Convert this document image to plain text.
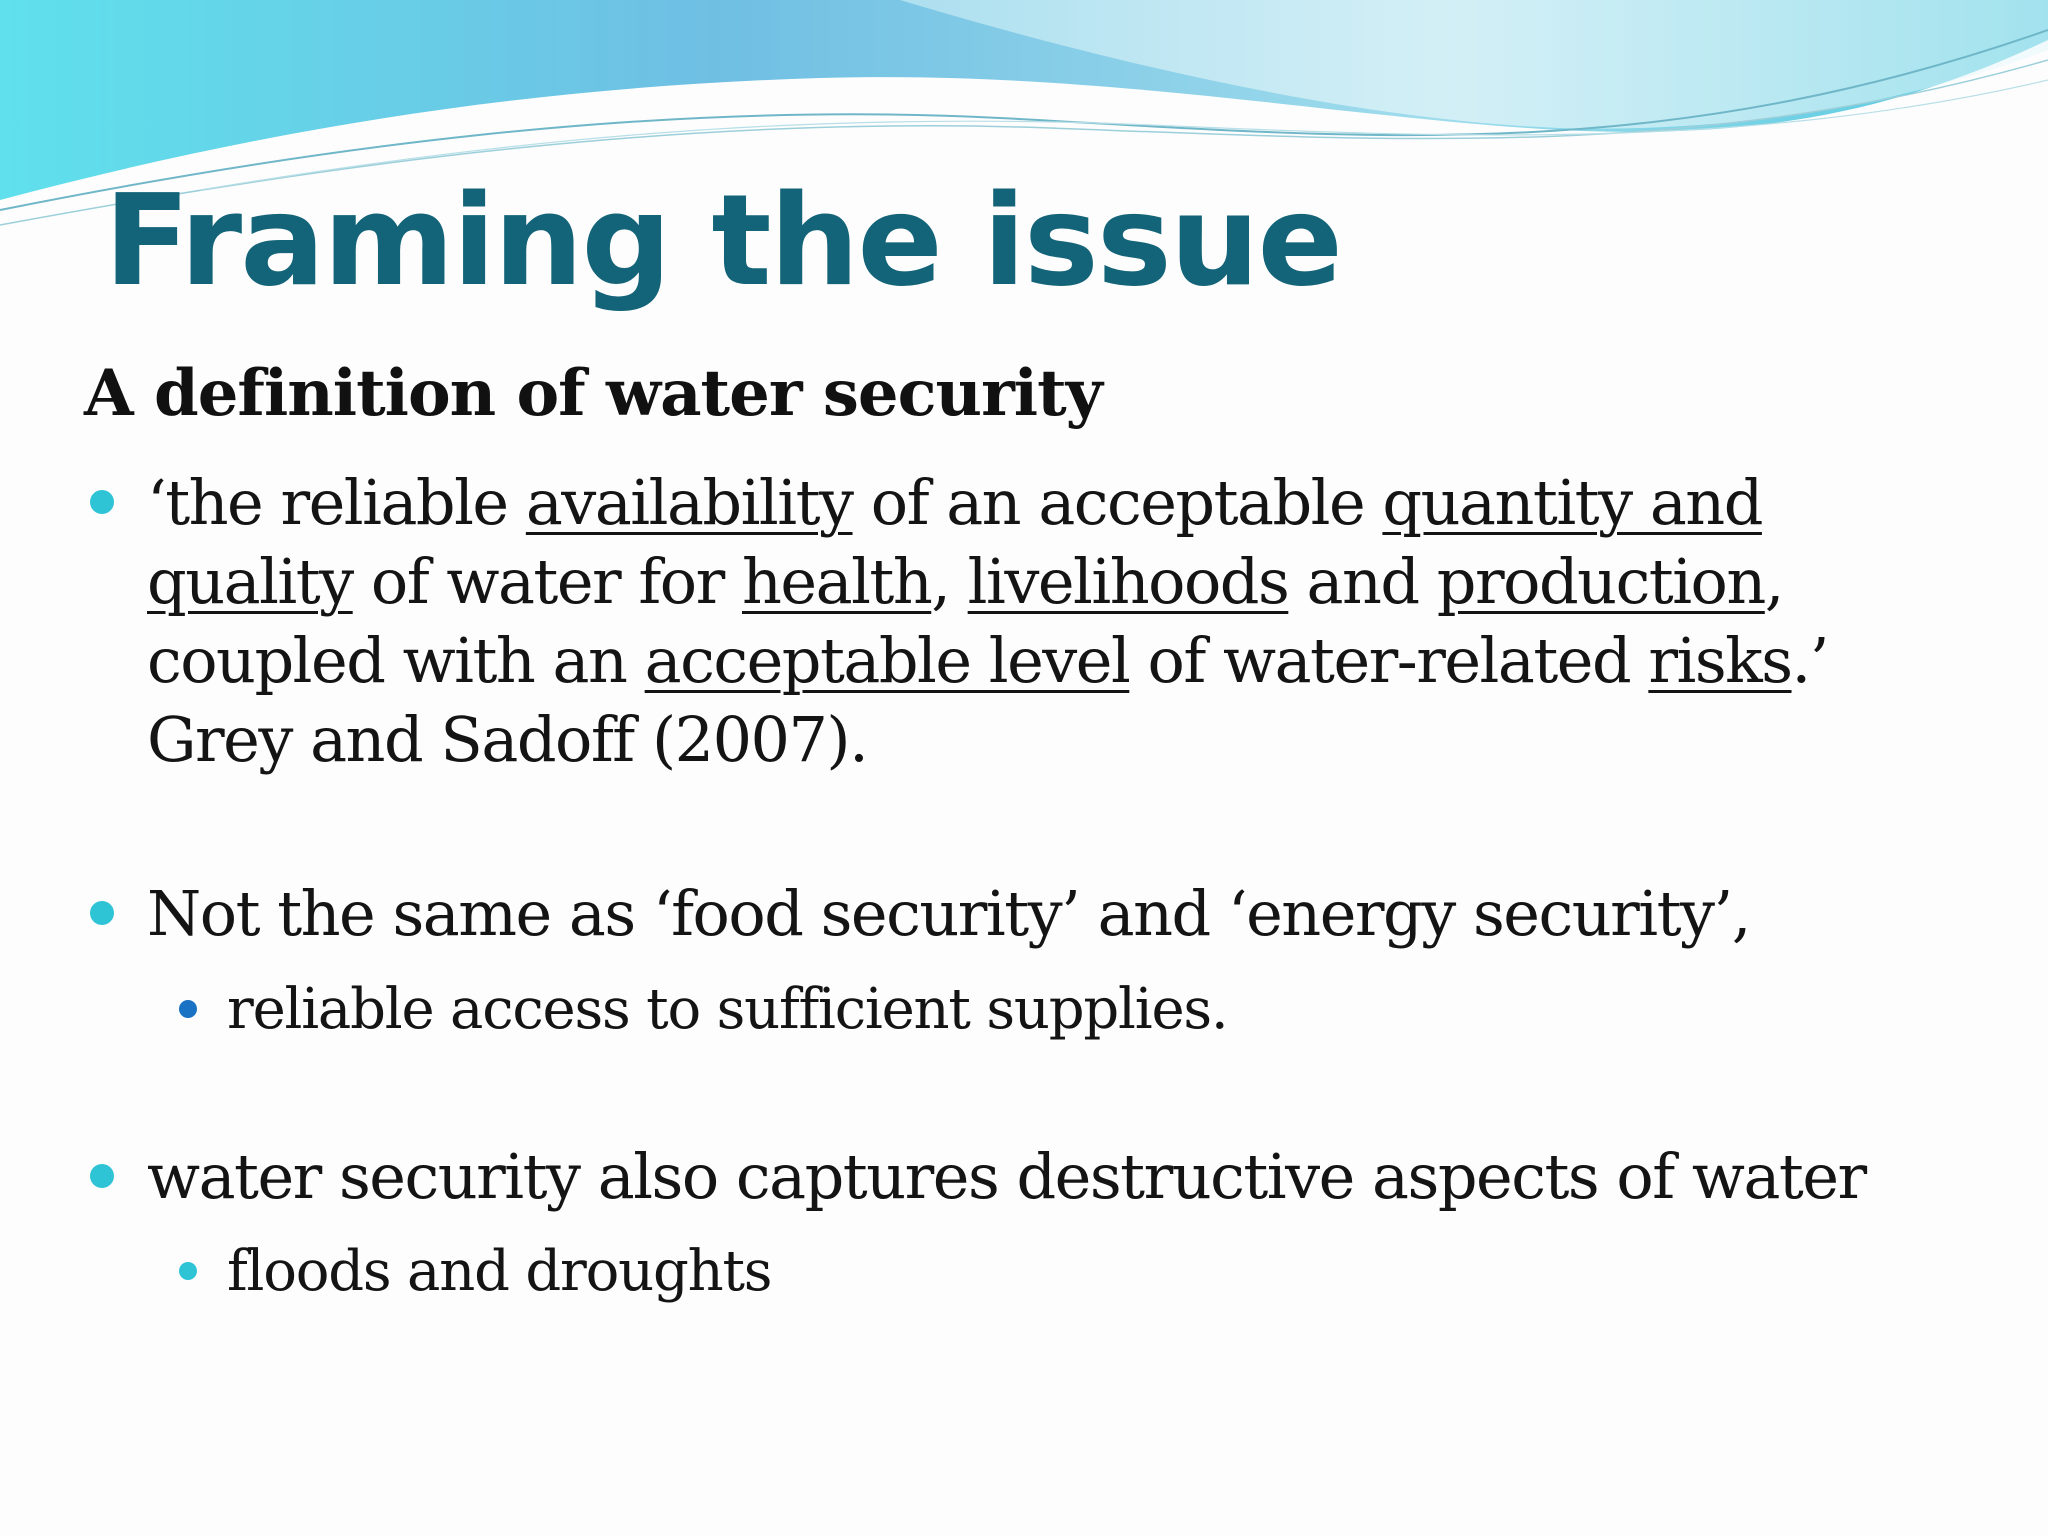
Framing the issue
A definition of water security
‘the reliable availability of an acceptable quantity and quality of water for health, livelihoods and production, coupled with an acceptable level of water-related risks.’ Grey and Sadoff (2007).
Not the same as ‘food security’ and ‘energy security’,
reliable access to sufficient supplies.
water security also captures destructive aspects of water
floods and droughts
